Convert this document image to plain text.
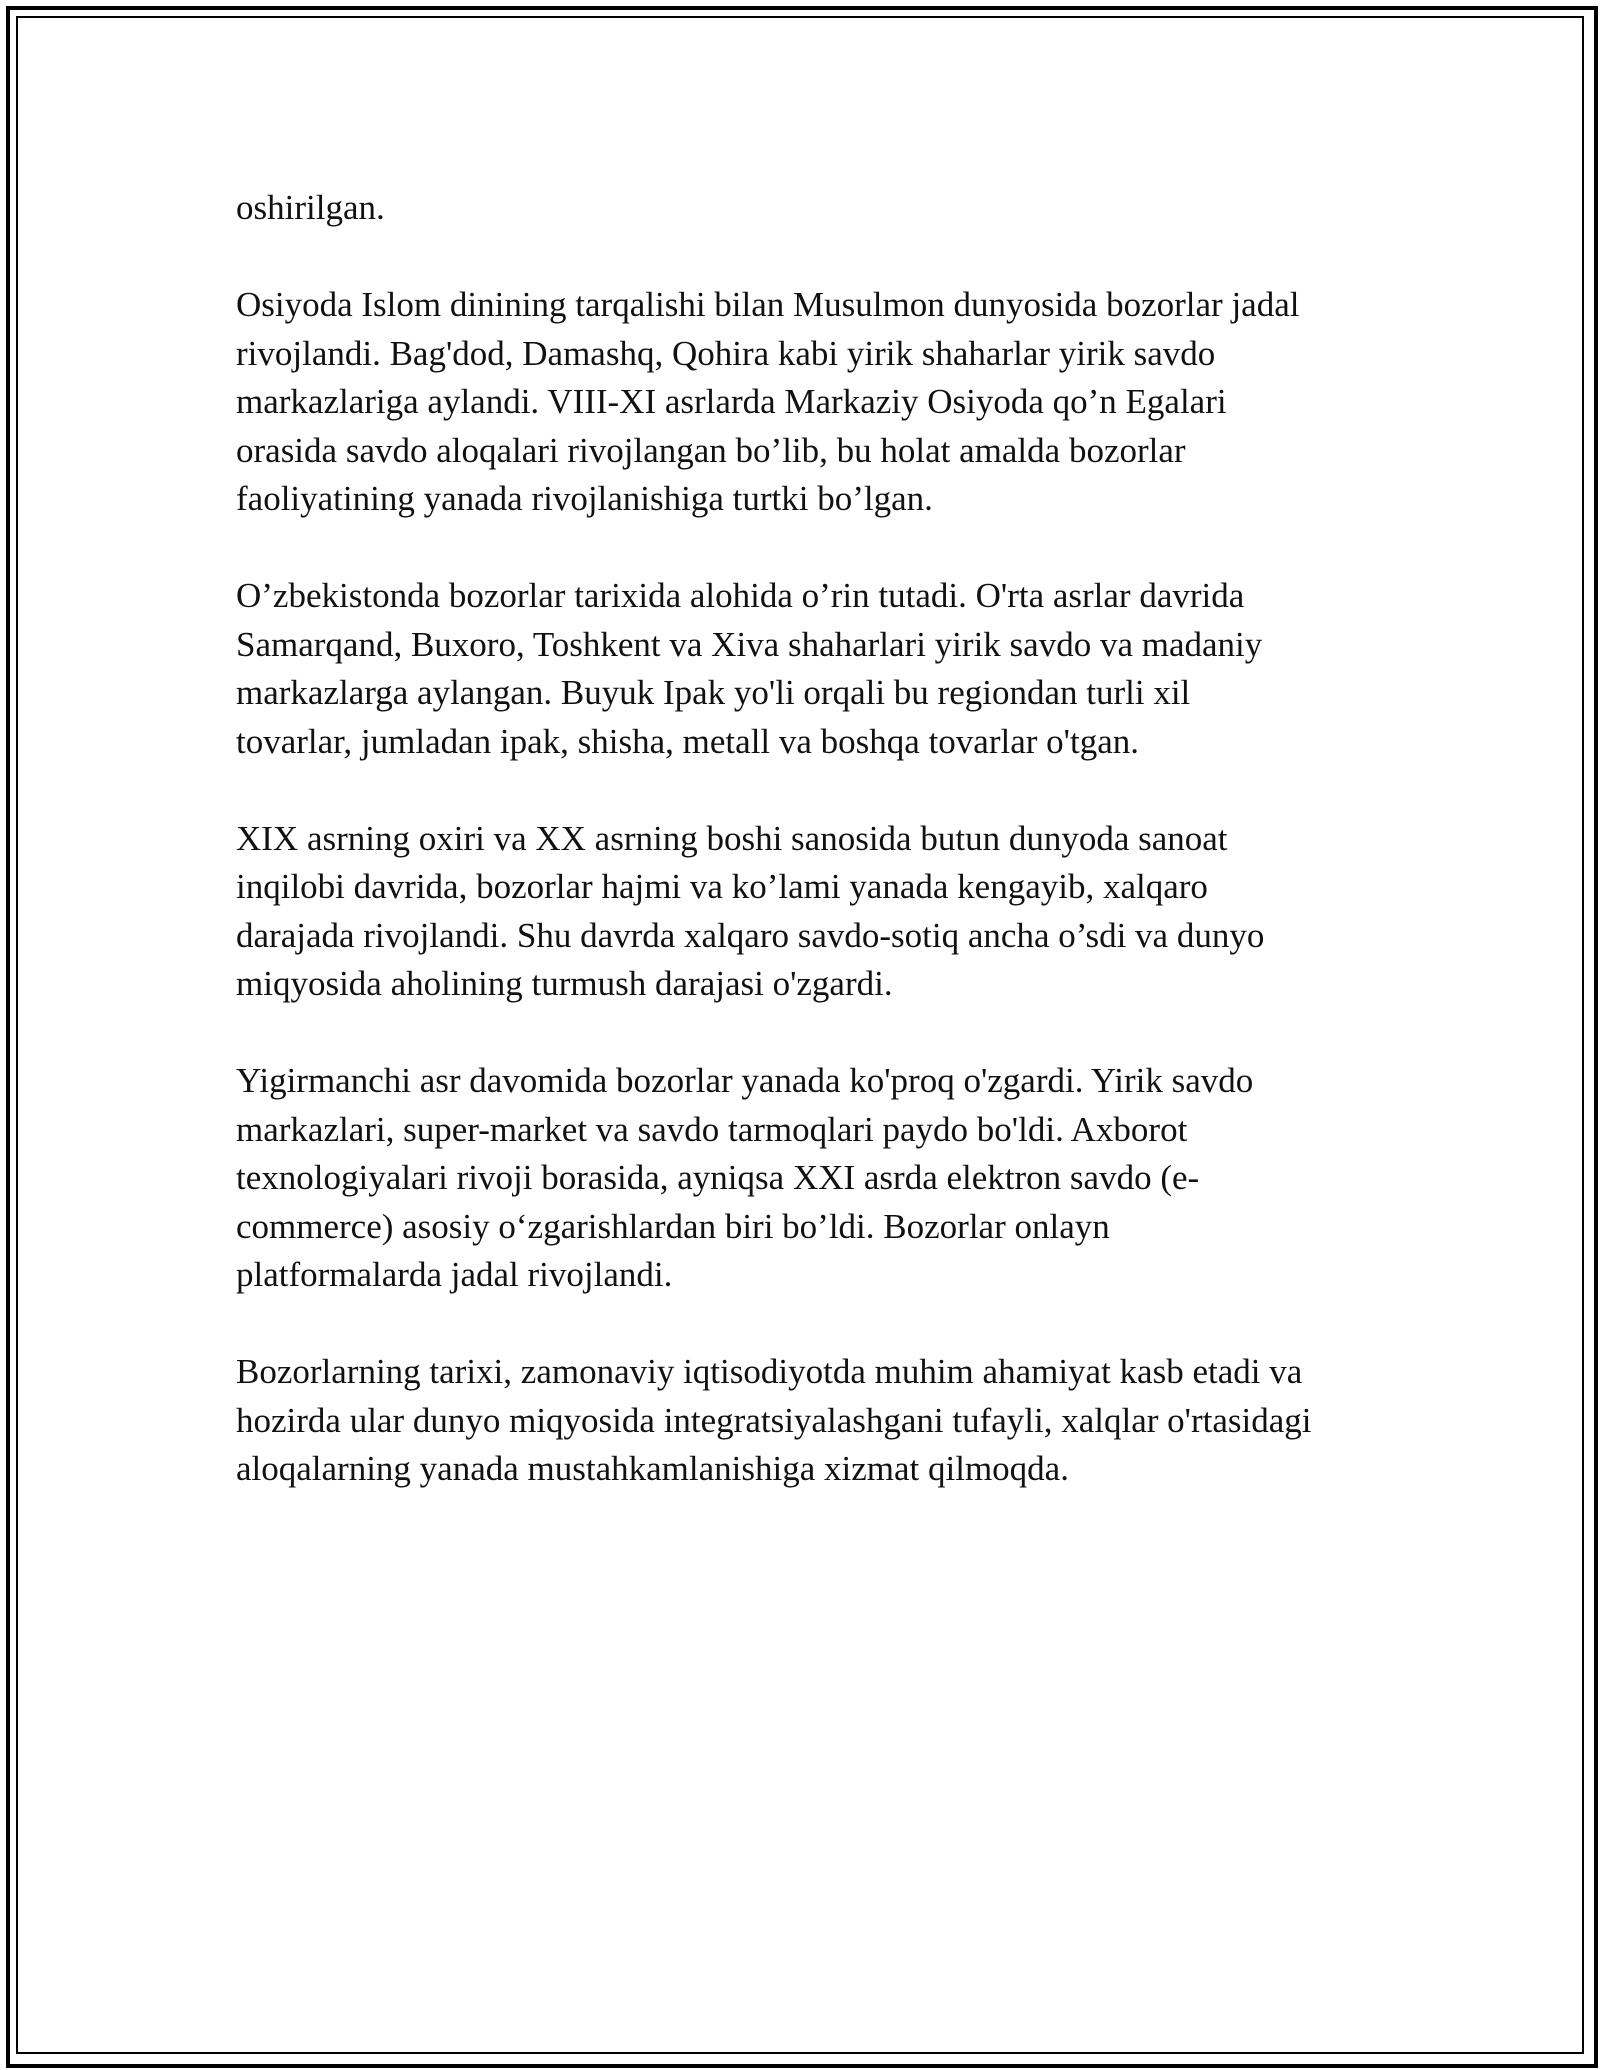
oshirilgan.

Osiyoda Islom dinining tarqalishi bilan Musulmon dunyosida bozorlar jadal
rivojlandi. Bag'dod, Damashq, Qohira kabi yirik shaharlar yirik savdo
markazlariga aylandi. VIII-XI asrlarda Markaziy Osiyoda qo’n Egalari
orasida savdo aloqalari rivojlangan bo’lib, bu holat amalda bozorlar
faoliyatining yanada rivojlanishiga turtki bo’lgan.

O’zbekistonda bozorlar tarixida alohida o’rin tutadi. O'rta asrlar davrida
Samarqand, Buxoro, Toshkent va Xiva shaharlari yirik savdo va madaniy
markazlarga aylangan. Buyuk Ipak yo'li orqali bu regiondan turli xil
tovarlar, jumladan ipak, shisha, metall va boshqa tovarlar o'tgan.

XIX asrning oxiri va XX asrning boshi sanosida butun dunyoda sanoat
inqilobi davrida, bozorlar hajmi va ko’lami yanada kengayib, xalqaro
darajada rivojlandi. Shu davrda xalqaro savdo-sotiq ancha o’sdi va dunyo
miqyosida aholining turmush darajasi o'zgardi.

Yigirmanchi asr davomida bozorlar yanada ko'proq o'zgardi. Yirik savdo
markazlari, super-market va savdo tarmoqlari paydo bo'ldi. Axborot
texnologiyalari rivoji borasida, ayniqsa XXI asrda elektron savdo (e-
commerce) asosiy o‘zgarishlardan biri bo’ldi. Bozorlar onlayn
platformalarda jadal rivojlandi.

Bozorlarning tarixi, zamonaviy iqtisodiyotda muhim ahamiyat kasb etadi va
hozirda ular dunyo miqyosida integratsiyalashgani tufayli, xalqlar o'rtasidagi
aloqalarning yanada mustahkamlanishiga xizmat qilmoqda.
